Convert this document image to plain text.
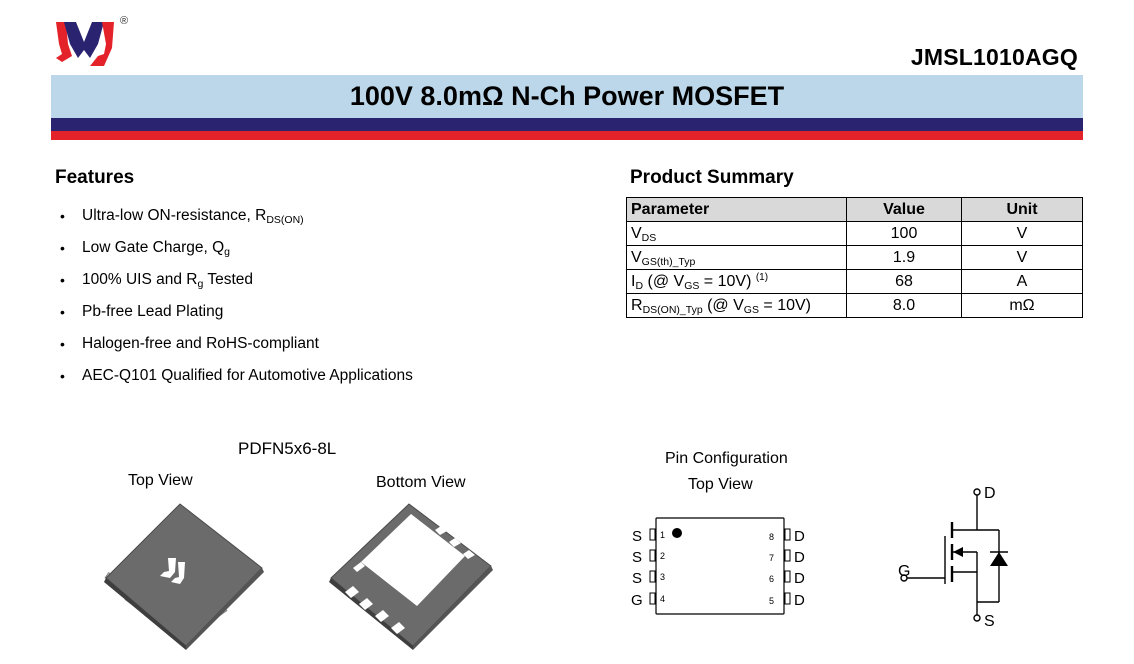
®
JMSL1010AGQ
100V 8.0mΩ N-Ch Power MOSFET
Features
• Ultra-low ON-resistance, $R_{DS(ON)}$
• Low Gate Charge, $Q_g$
• 100% UIS and $R_g$ Tested
• Pb-free Lead Plating
• Halogen-free and RoHS-compliant
• AEC-Q101 Qualified for Automotive Applications
Product Summary
Parameter	Value	Unit
$V_{DS}$	100	V
$V_{GS(th)\_Typ}$	1.9	V
$I_D$ (@ $V_{GS} = 10V$) $^{(1)}$	68	A
$R_{DS(ON)\_Typ}$ (@ $V_{GS} = 10V$)	8.0	mΩ
PDFN5x6-8L
Top View	Bottom View
Pin Configuration
Top View
S
S
S
G
1
2
3
4
8
7
6
5
D
D
D
D
D
G
S
